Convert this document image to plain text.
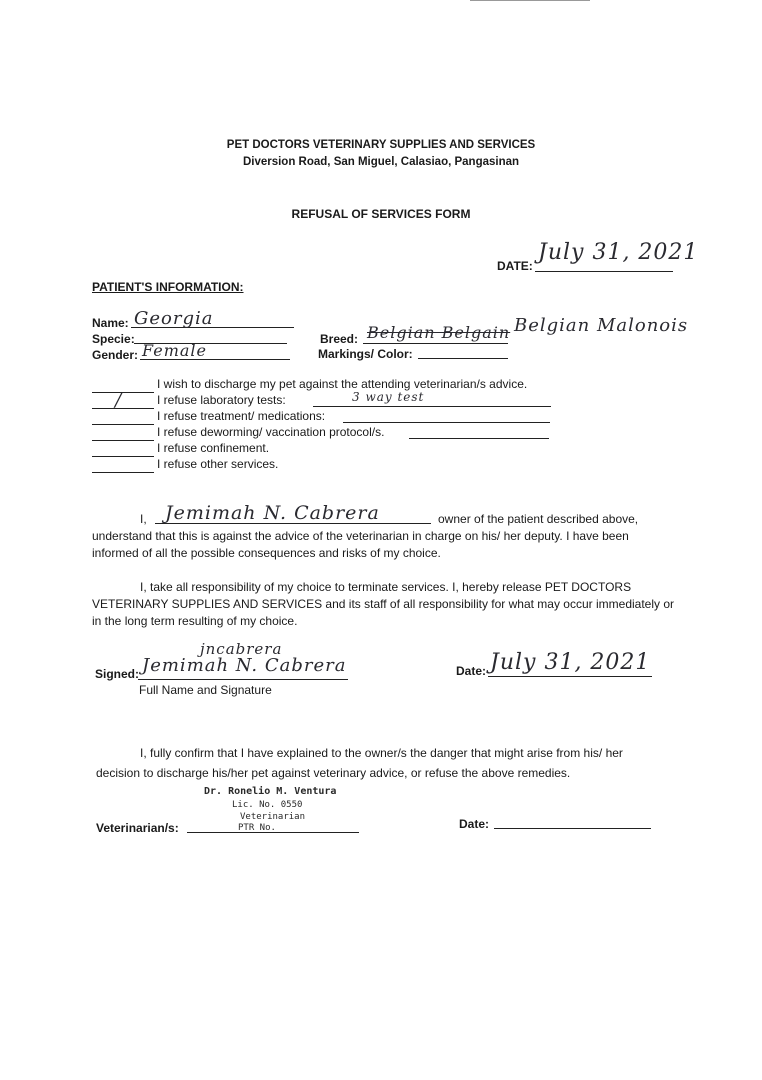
PET DOCTORS VETERINARY SUPPLIES AND SERVICES
Diversion Road, San Miguel, Calasiao, Pangasinan
REFUSAL OF SERVICES FORM
DATE:
July 31, 2021
PATIENT'S INFORMATION:
Name: Georgia
Specie:
Gender: Female
Breed: Belgian Belgain Belgian Malonois
Markings/ Color:
I wish to discharge my pet against the attending veterinarian/s advice.
/	I refuse laboratory tests:	3 way test
I refuse treatment/ medications:
I refuse deworming/ vaccination protocol/s.
I refuse confinement.
I refuse other services.
I, Jemimah N. Cabrera	owner of the patient described above,
understand that this is against the advice of the veterinarian in charge on his/ her deputy. I have been
informed of all the possible consequences and risks of my choice.
I, take all responsibility of my choice to terminate services. I, hereby release PET DOCTORS
VETERINARY SUPPLIES AND SERVICES and its staff of all responsibility for what may occur immediately or
in the long term resulting of my choice.
jncabrera
Signed: Jemimah N. Cabrera
Full Name and Signature
Date: July 31, 2021
I, fully confirm that I have explained to the owner/s the danger that might arise from his/ her
decision to discharge his/her pet against veterinary advice, or refuse the above remedies.
Dr. Ronelio M. Ventura
Lic. No. 0550
Veterinarian
PTR No.
Veterinarian/s:	Date:
